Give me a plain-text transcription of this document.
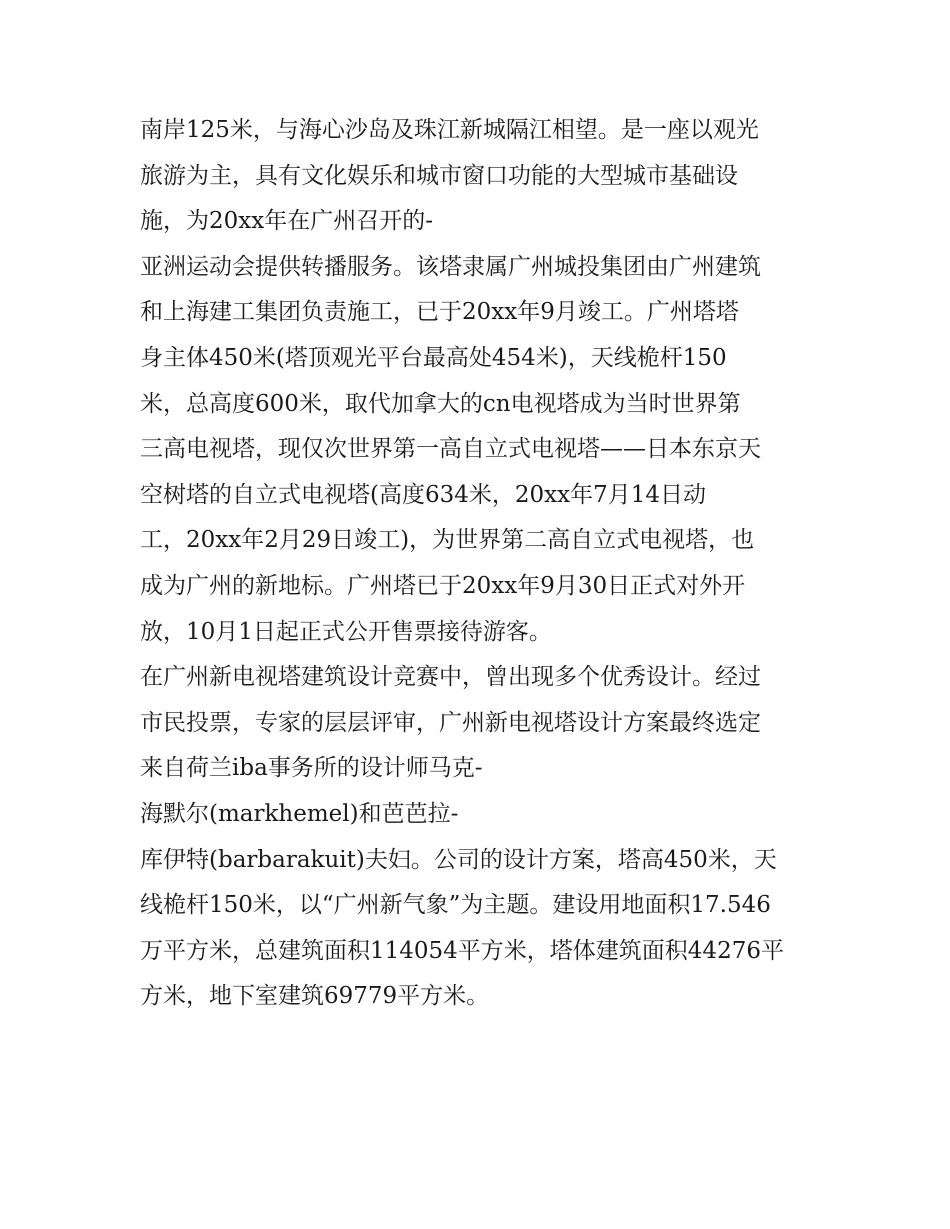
南岸125米，与海心沙岛及珠江新城隔江相望。是一座以观光
旅游为主，具有文化娱乐和城市窗口功能的大型城市基础设
施，为20xx年在广州召开的-
亚洲运动会提供转播服务。该塔隶属广州城投集团由广州建筑
和上海建工集团负责施工，已于20xx年9月竣工。广州塔塔
身主体450米(塔顶观光平台最高处454米)，天线桅杆150
米，总高度600米，取代加拿大的cn电视塔成为当时世界第
三高电视塔，现仅次世界第一高自立式电视塔——日本东京天
空树塔的自立式电视塔(高度634米，20xx年7月14日动
工，20xx年2月29日竣工)，为世界第二高自立式电视塔，也
成为广州的新地标。广州塔已于20xx年9月30日正式对外开
放，10月1日起正式公开售票接待游客。
在广州新电视塔建筑设计竞赛中，曾出现多个优秀设计。经过
市民投票，专家的层层评审，广州新电视塔设计方案最终选定
来自荷兰iba事务所的设计师马克-
海默尔(markhemel)和芭芭拉-
库伊特(barbarakuit)夫妇。公司的设计方案，塔高450米，天
线桅杆150米，以“广州新气象”为主题。建设用地面积17.546
万平方米，总建筑面积114054平方米，塔体建筑面积44276平
方米，地下室建筑69779平方米。
